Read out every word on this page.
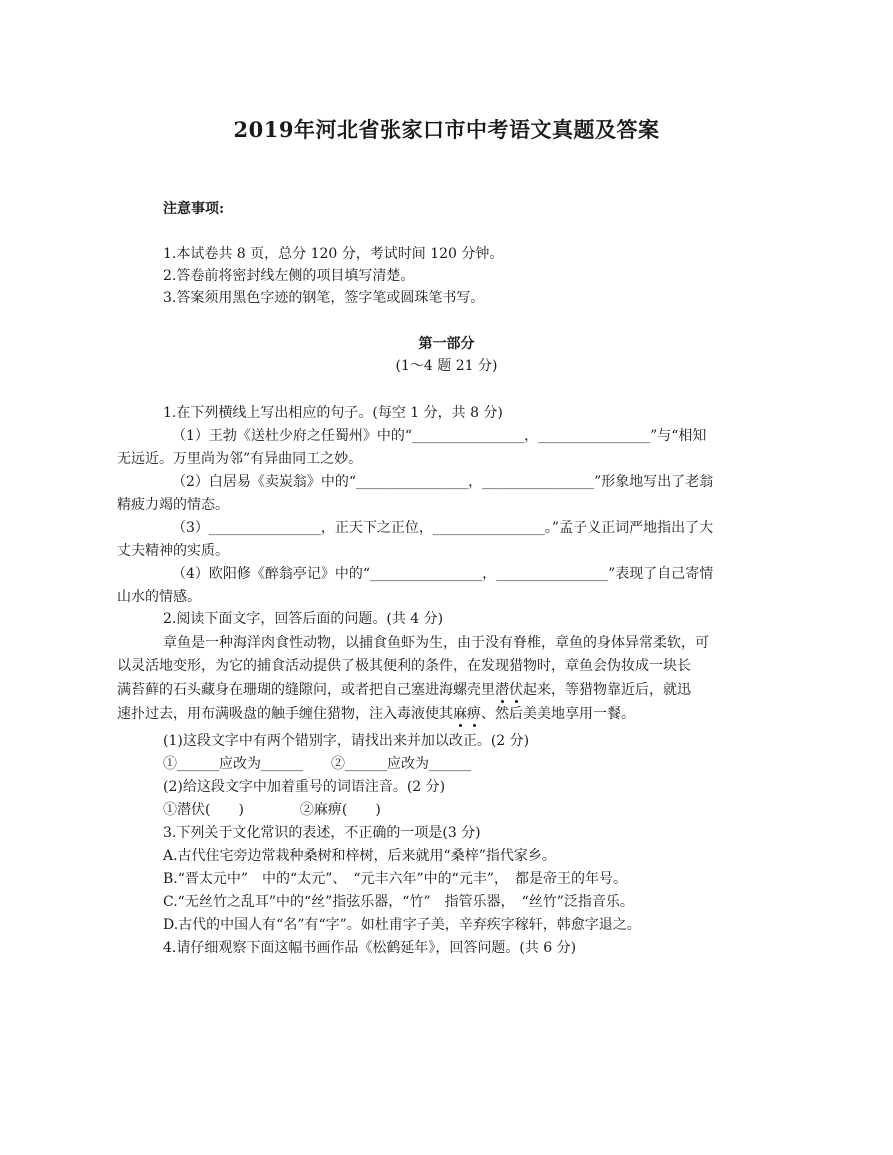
2019年河北省张家口市中考语文真题及答案
注意事项:
1.本试卷共 8 页，总分 120 分，考试时间 120 分钟。
2.答卷前将密封线左侧的项目填写清楚。
3.答案须用黑色字迹的钢笔，签字笔或圆珠笔书写。
第一部分
(1～4 题 21 分)
1.在下列横线上写出相应的句子。(每空 1 分，共 8 分)
（1）王勃《送杜少府之任蜀州》中的“________________，________________”与“相知
无远近。万里尚为邻”有异曲同工之妙。
（2）白居易《卖炭翁》中的“________________，________________”形象地写出了老翁
精疲力竭的情态。
（3）________________，正天下之正位，________________。”孟子义正词严地指出了大
丈夫精神的实质。
（4）欧阳修《醉翁亭记》中的“________________，________________”表现了自己寄情
山水的情感。
2.阅读下面文字，回答后面的问题。(共 4 分)
章鱼是一种海洋肉食性动物，以捕食鱼虾为生，由于没有脊椎，章鱼的身体异常柔软，可
以灵活地变形，为它的捕食活动提供了极其便利的条件，在发现猎物时，章鱼会伪妆成一块长
满苔藓的石头藏身在珊瑚的缝隙问，或者把自己塞进海螺壳里潜伏起来，等猎物靠近后，就迅
速扑过去，用布满吸盘的触手缠住猎物，注入毒液使其麻痹、然后美美地享用一餐。
(1)这段文字中有两个错别字，请找出来并加以改正。(2 分)
①______应改为______　　②______应改为______
(2)给这段文字中加着重号的词语注音。(2 分)
①潜伏(　　)　　　　②麻痹(　　)
3.下列关于文化常识的表述，不正确的一项是(3 分)
A.古代住宅旁边常栽种桑树和梓树，后来就用“桑梓”指代家乡。
B.“晋太元中”　中的“太元”、　“元丰六年”中的“元丰”，　都是帝王的年号。
C.“无丝竹之乱耳”中的“丝”指弦乐器，“竹”　指管乐器，　“丝竹”泛指音乐。
D.古代的中国人有“名”有“字”。如杜甫字子美，辛弃疾字稼轩，韩愈字退之。
4.请仔细观察下面这幅书画作品《松鹤延年》，回答问题。(共 6 分)
